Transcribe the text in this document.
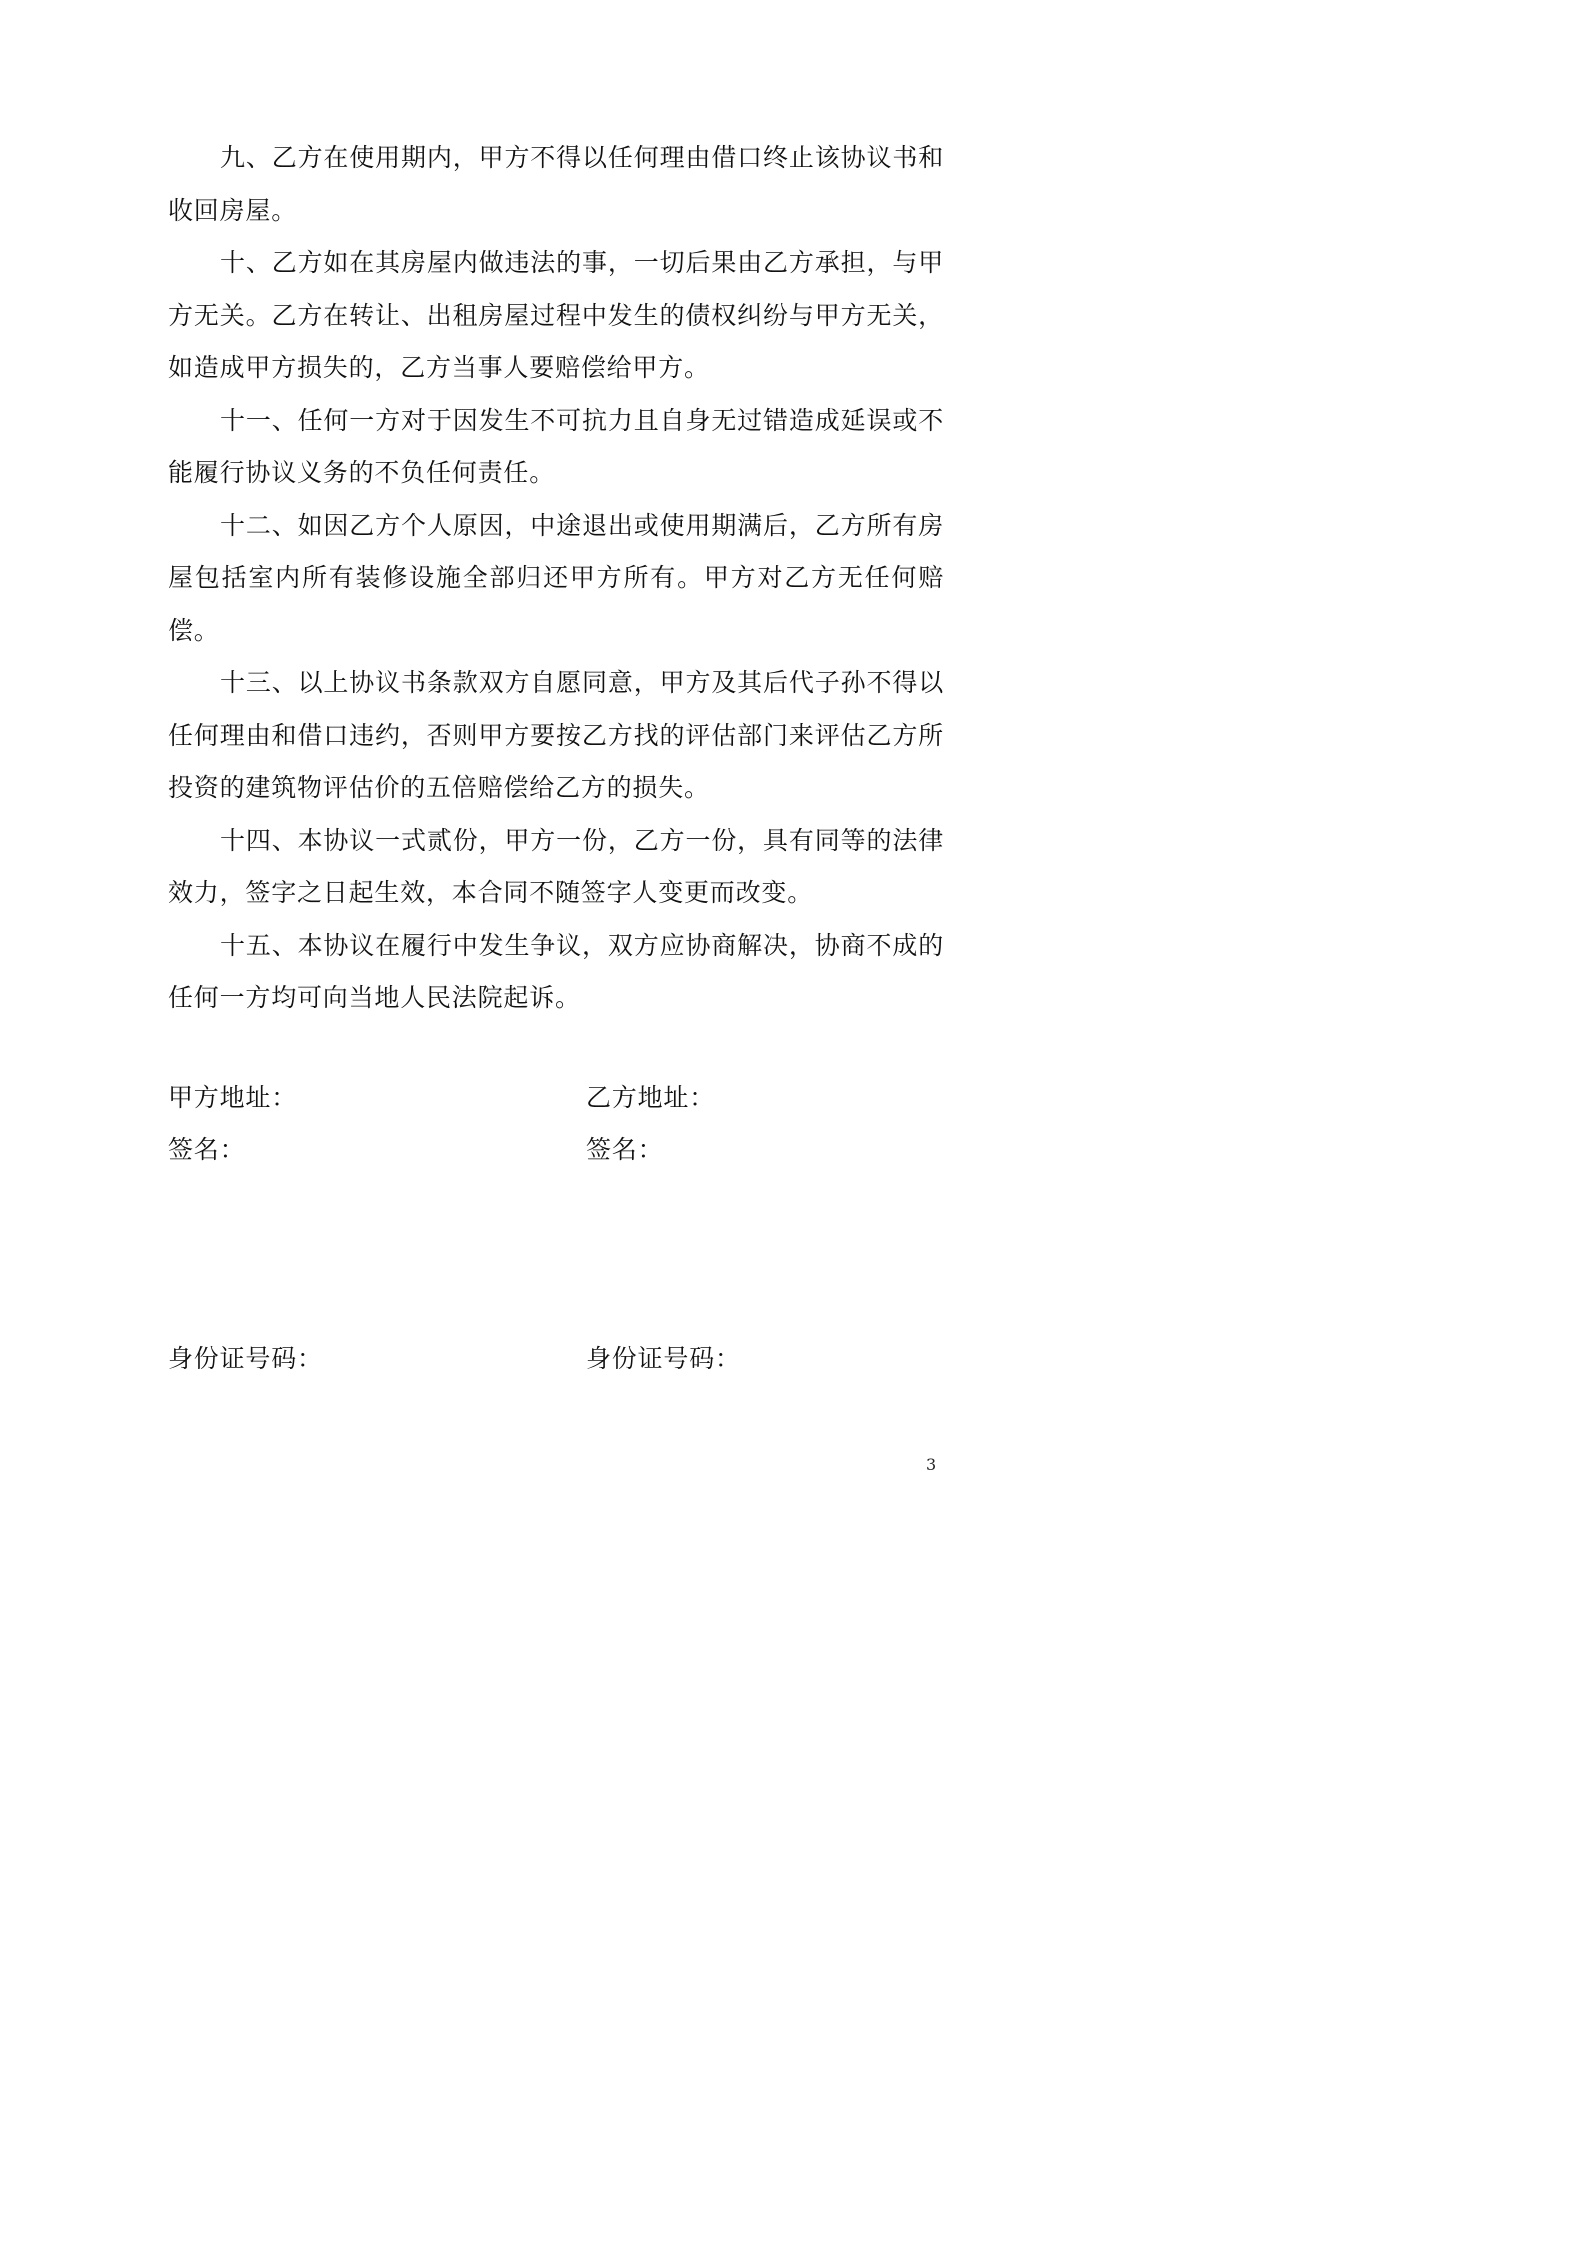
九、乙方在使用期内，甲方不得以任何理由借口终止该协议书和收回房屋。

十、乙方如在其房屋内做违法的事，一切后果由乙方承担，与甲方无关。乙方在转让、出租房屋过程中发生的债权纠纷与甲方无关，如造成甲方损失的，乙方当事人要赔偿给甲方。

十一、任何一方对于因发生不可抗力且自身无过错造成延误或不能履行协议义务的不负任何责任。

十二、如因乙方个人原因，中途退出或使用期满后，乙方所有房屋包括室内所有装修设施全部归还甲方所有。甲方对乙方无任何赔偿。

十三、以上协议书条款双方自愿同意，甲方及其后代子孙不得以任何理由和借口违约，否则甲方要按乙方找的评估部门来评估乙方所投资的建筑物评估价的五倍赔偿给乙方的损失。

十四、本协议一式贰份，甲方一份，乙方一份，具有同等的法律效力，签字之日起生效，本合同不随签字人变更而改变。

十五、本协议在履行中发生争议，双方应协商解决，协商不成的任何一方均可向当地人民法院起诉。

甲方地址：
签名：
乙方地址：
签名：
身份证号码：	身份证号码：
3
